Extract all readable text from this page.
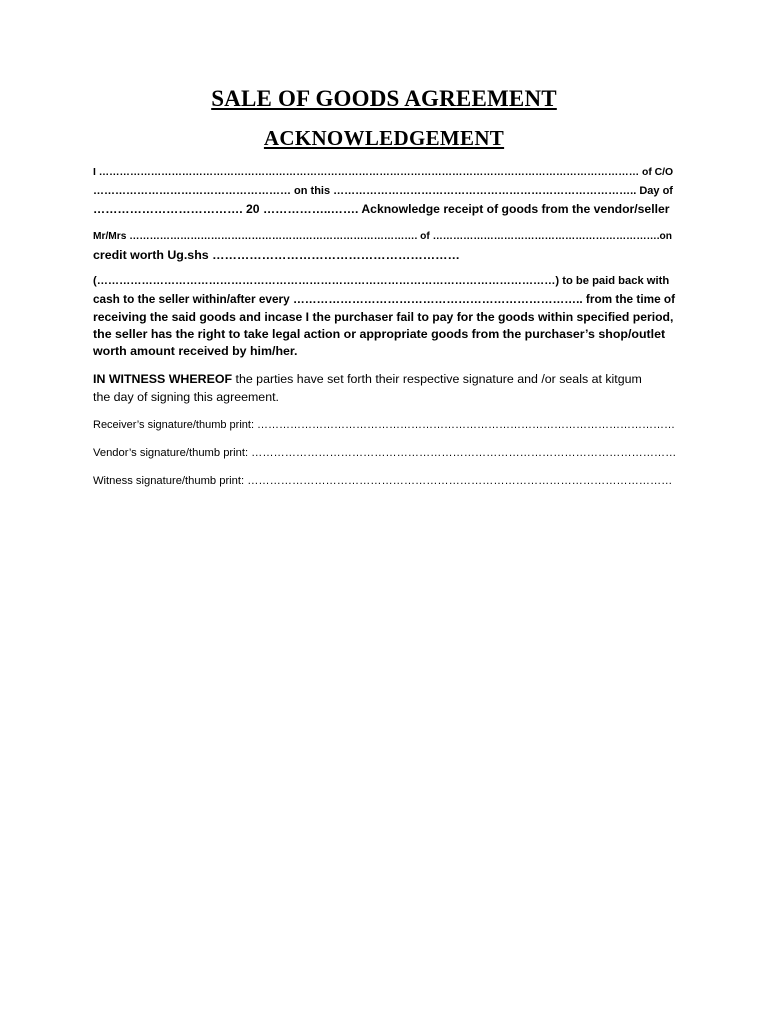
SALE OF GOODS AGREEMENT
ACKNOWLEDGEMENT
I ………………………………………………………………………………………………………………………………………… of C/O
……………………………………………… on this ……………………………………………………………………….. Day of
………………………………. 20 ……………..……. Acknowledge receipt of goods from the vendor/seller
Mr/Mrs …………………………………………………………………………. of ………………………………………………………….on
credit worth Ug.shs ……………………………………………………
(……………………………………………………………………………………………………………) to be paid back with
cash to the seller within/after every ……………………………………………………………….. from the time of
receiving the said goods and incase I the purchaser fail to pay for the goods within specified period,
the seller has the right to take legal action or appropriate goods from the purchaser’s shop/outlet
worth amount received by him/her.
IN WITNESS WHEREOF the parties have set forth their respective signature and /or seals at kitgum
the day of signing this agreement.
Receiver’s signature/thumb print: ……………………………………………………………………………………………………
Vendor’s signature/thumb print: ……………………………………………………………………………………………………
Witness signature/thumb print: ……………………………………………………………………………………………………
